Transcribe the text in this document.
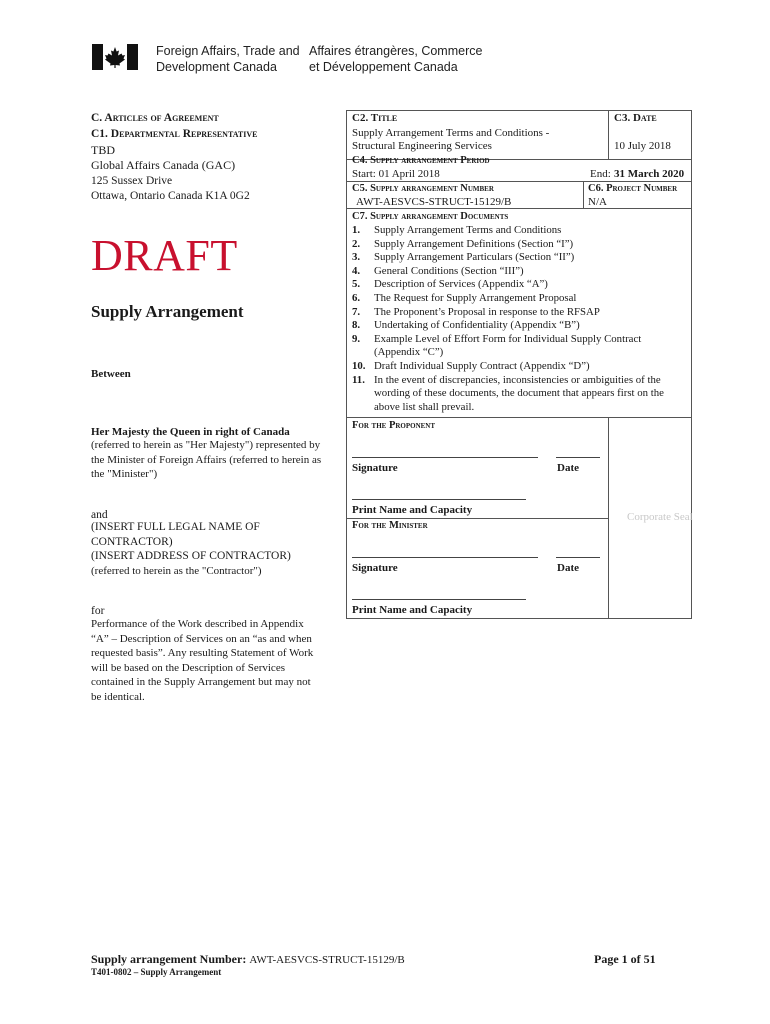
Foreign Affairs, Trade and
Development Canada
Affaires étrangères, Commerce
et Développement Canada
C. Articles of Agreement
C1. Departmental Representative
TBD
Global Affairs Canada (GAC)
125 Sussex Drive
Ottawa, Ontario Canada K1A 0G2
DRAFT
Supply Arrangement
Between
Her Majesty the Queen in right of Canada
(referred to herein as "Her Majesty") represented by the Minister of Foreign Affairs (referred to herein as the "Minister")
and
(INSERT FULL LEGAL NAME OF CONTRACTOR)
(INSERT ADDRESS OF CONTRACTOR)
(referred to herein as the "Contractor")
for
Performance of the Work described in Appendix “A” – Description of Services on an “as and when requested basis”. Any resulting Statement of Work will be based on the Description of Services contained in the Supply Arrangement but may not be identical.
C2. Title
Supply Arrangement Terms and Conditions -
Structural Engineering Services
C3. Date
10 July 2018
C4. Supply arrangement Period
Start: 01 April 2018	End: 31 March 2020
C5. Supply arrangement Number
AWT-AESVCS-STRUCT-15129/B
C6. Project Number
N/A
C7. Supply arrangement Documents
1.	Supply Arrangement Terms and Conditions
2.	Supply Arrangement Definitions (Section “I”)
3.	Supply Arrangement Particulars (Section “II”)
4.	General Conditions (Section “III”)
5.	Description of Services (Appendix “A”)
6.	The Request for Supply Arrangement Proposal
7.	The Proponent’s Proposal in response to the RFSAP
8.	Undertaking of Confidentiality (Appendix “B”)
9.	Example Level of Effort Form for Individual Supply Contract (Appendix “C”)
10. Draft Individual Supply Contract (Appendix “D”)
11. In the event of discrepancies, inconsistencies or ambiguities of the wording of these documents, the document that appears first on the above list shall prevail.
For the Proponent
Signature	Date
Print Name and Capacity
For the Minister
Signature	Date
Print Name and Capacity
Corporate Seal
Supply arrangement Number: AWT-AESVCS-STRUCT-15129/B	Page 1 of 51
T401-0802 – Supply Arrangement
